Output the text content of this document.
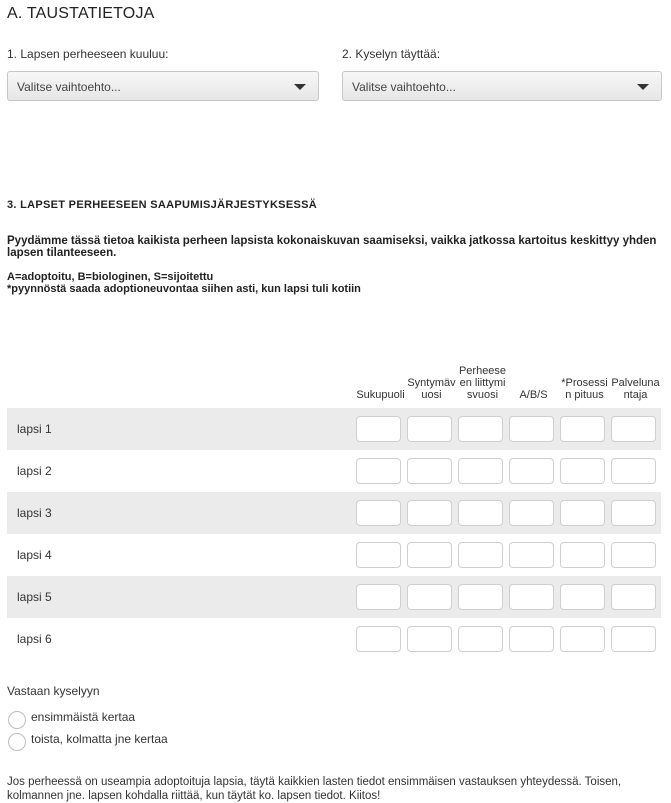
A. TAUSTATIETOJA
1. Lapsen perheeseen kuuluu:
Valitse vaihtoehto...
2. Kyselyn täyttää:
Valitse vaihtoehto...
3. LAPSET PERHEESEEN SAAPUMISJÄRJESTYKSESSÄ
Pyydämme tässä tietoa kaikista perheen lapsista kokonaiskuvan saamiseksi, vaikka jatkossa kartoitus keskittyy yhden lapsen tilanteeseen.
A=adoptoitu, B=biologinen, S=sijoitettu
*pyynnöstä saada adoptioneuvontaa siihen asti, kun lapsi tuli kotiin
Sukupuoli
Syntymävuosi
Perheeseen liittymisvuosi	A/B/S
*Prosessin pituus
Palvelunantaja
lapsi 1
lapsi 2
lapsi 3
lapsi 4
lapsi 5
lapsi 6
Vastaan kyselyyn
ensimmäistä kertaa
toista, kolmatta jne kertaa
Jos perheessä on useampia adoptoituja lapsia, täytä kaikkien lasten tiedot ensimmäisen vastauksen yhteydessä. Toisen, kolmannen jne. lapsen kohdalla riittää, kun täytät ko. lapsen tiedot. Kiitos!
